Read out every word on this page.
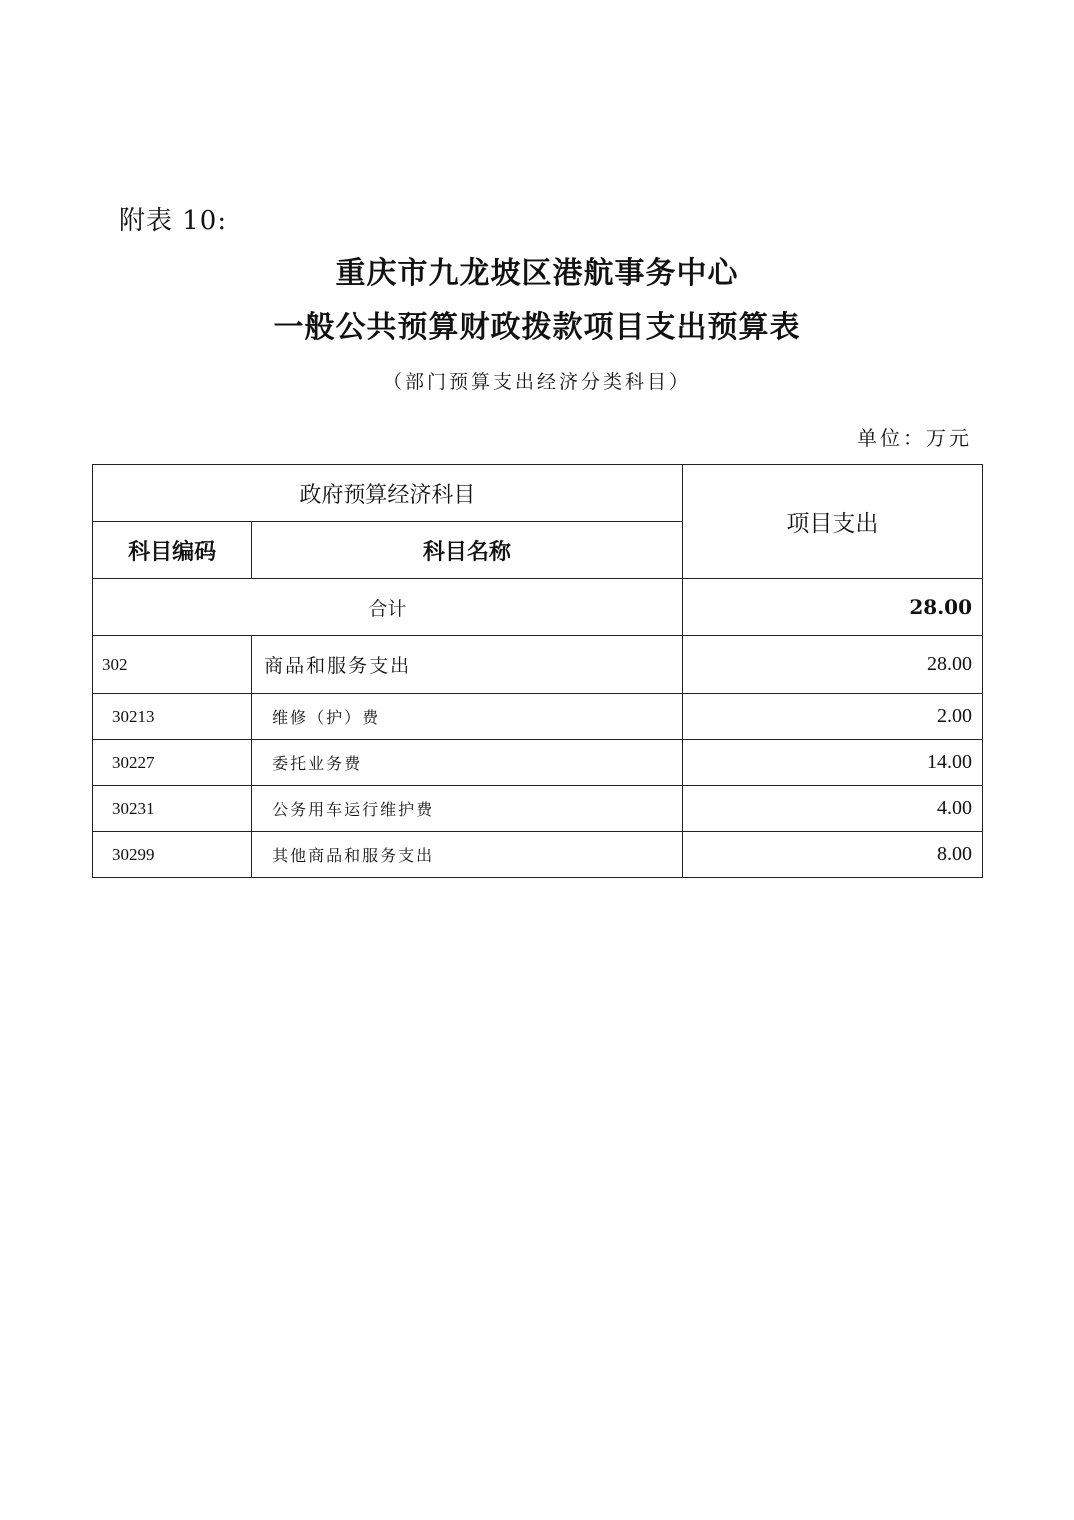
附表 10:
重庆市九龙坡区港航事务中心
一般公共预算财政拨款项目支出预算表
（部门预算支出经济分类科目）
单位：万元
政府预算经济科目		项目支出
科目编码	科目名称	
合计		28.00
302	商品和服务支出	28.00
30213	维修（护）费	2.00
30227	委托业务费	14.00
30231	公务用车运行维护费	4.00
30299	其他商品和服务支出	8.00
